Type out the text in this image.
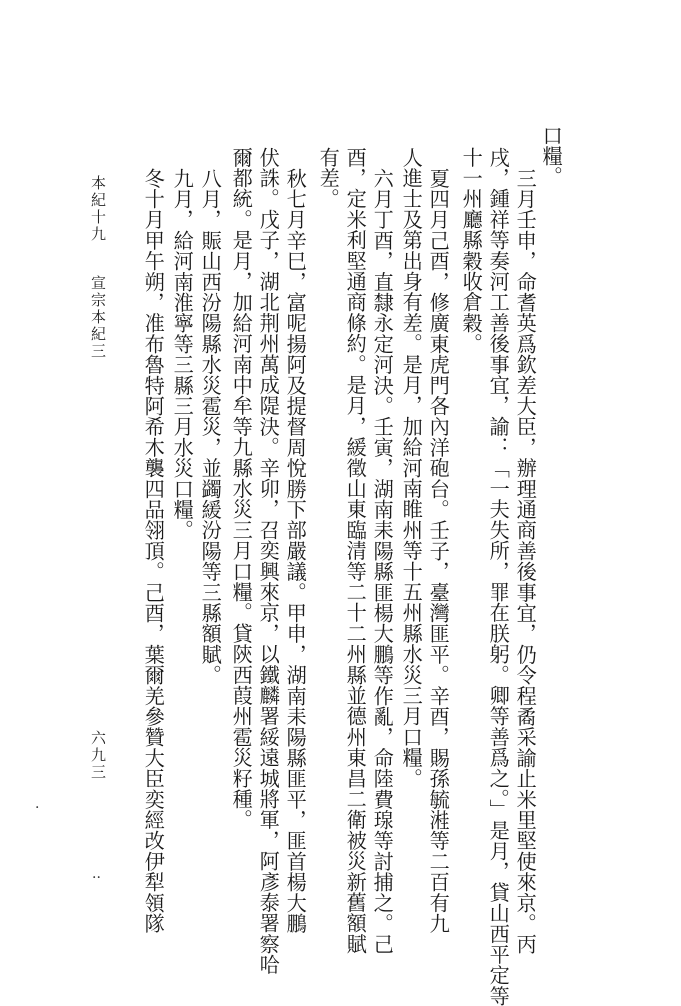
口糧。
三月壬申，命耆英爲欽差大臣，辦理通商善後事宜，仍令程矞采諭止米里堅使來京。丙
戌，鍾祥等奏河工善後事宜，諭：「一夫失所，罪在朕躬。卿等善爲之。」是月，貸山西平定等
十一州廳縣穀收倉穀。
夏四月己酉，修廣東虎門各內洋砲台。壬子，臺灣匪平。辛酉，賜孫毓溎等二百有九
人進士及第出身有差。是月，加給河南睢州等十五州縣水災三月口糧。
六月丁酉，直隸永定河決。壬寅，湖南耒陽縣匪楊大鵬等作亂，命陸費瑔等討捕之。己
酉，定米利堅通商條約。是月，緩徵山東臨清等二十二州縣並德州東昌二衛被災新舊額賦
有差。
秋七月辛巳，富呢揚阿及提督周悅勝下部嚴議。甲申，湖南耒陽縣匪平，匪首楊大鵬
伏誅。戊子，湖北荆州萬成隄決。辛卯，召奕興來京，以鐵麟署綏遠城將軍，阿彥泰署察哈
爾都統。是月，加給河南中牟等九縣水災三月口糧。貸陝西葭州雹災籽種。
八月，賑山西汾陽縣水災雹災，並蠲緩汾陽等三縣額賦。
九月，給河南淮寧等三縣三月水災口糧。
冬十月甲午朔，准布魯特阿希木襲四品翎頂。己酉，葉爾羌參贊大臣奕經改伊犁領隊
本紀十九
宣宗本紀三
六九三
·
··
